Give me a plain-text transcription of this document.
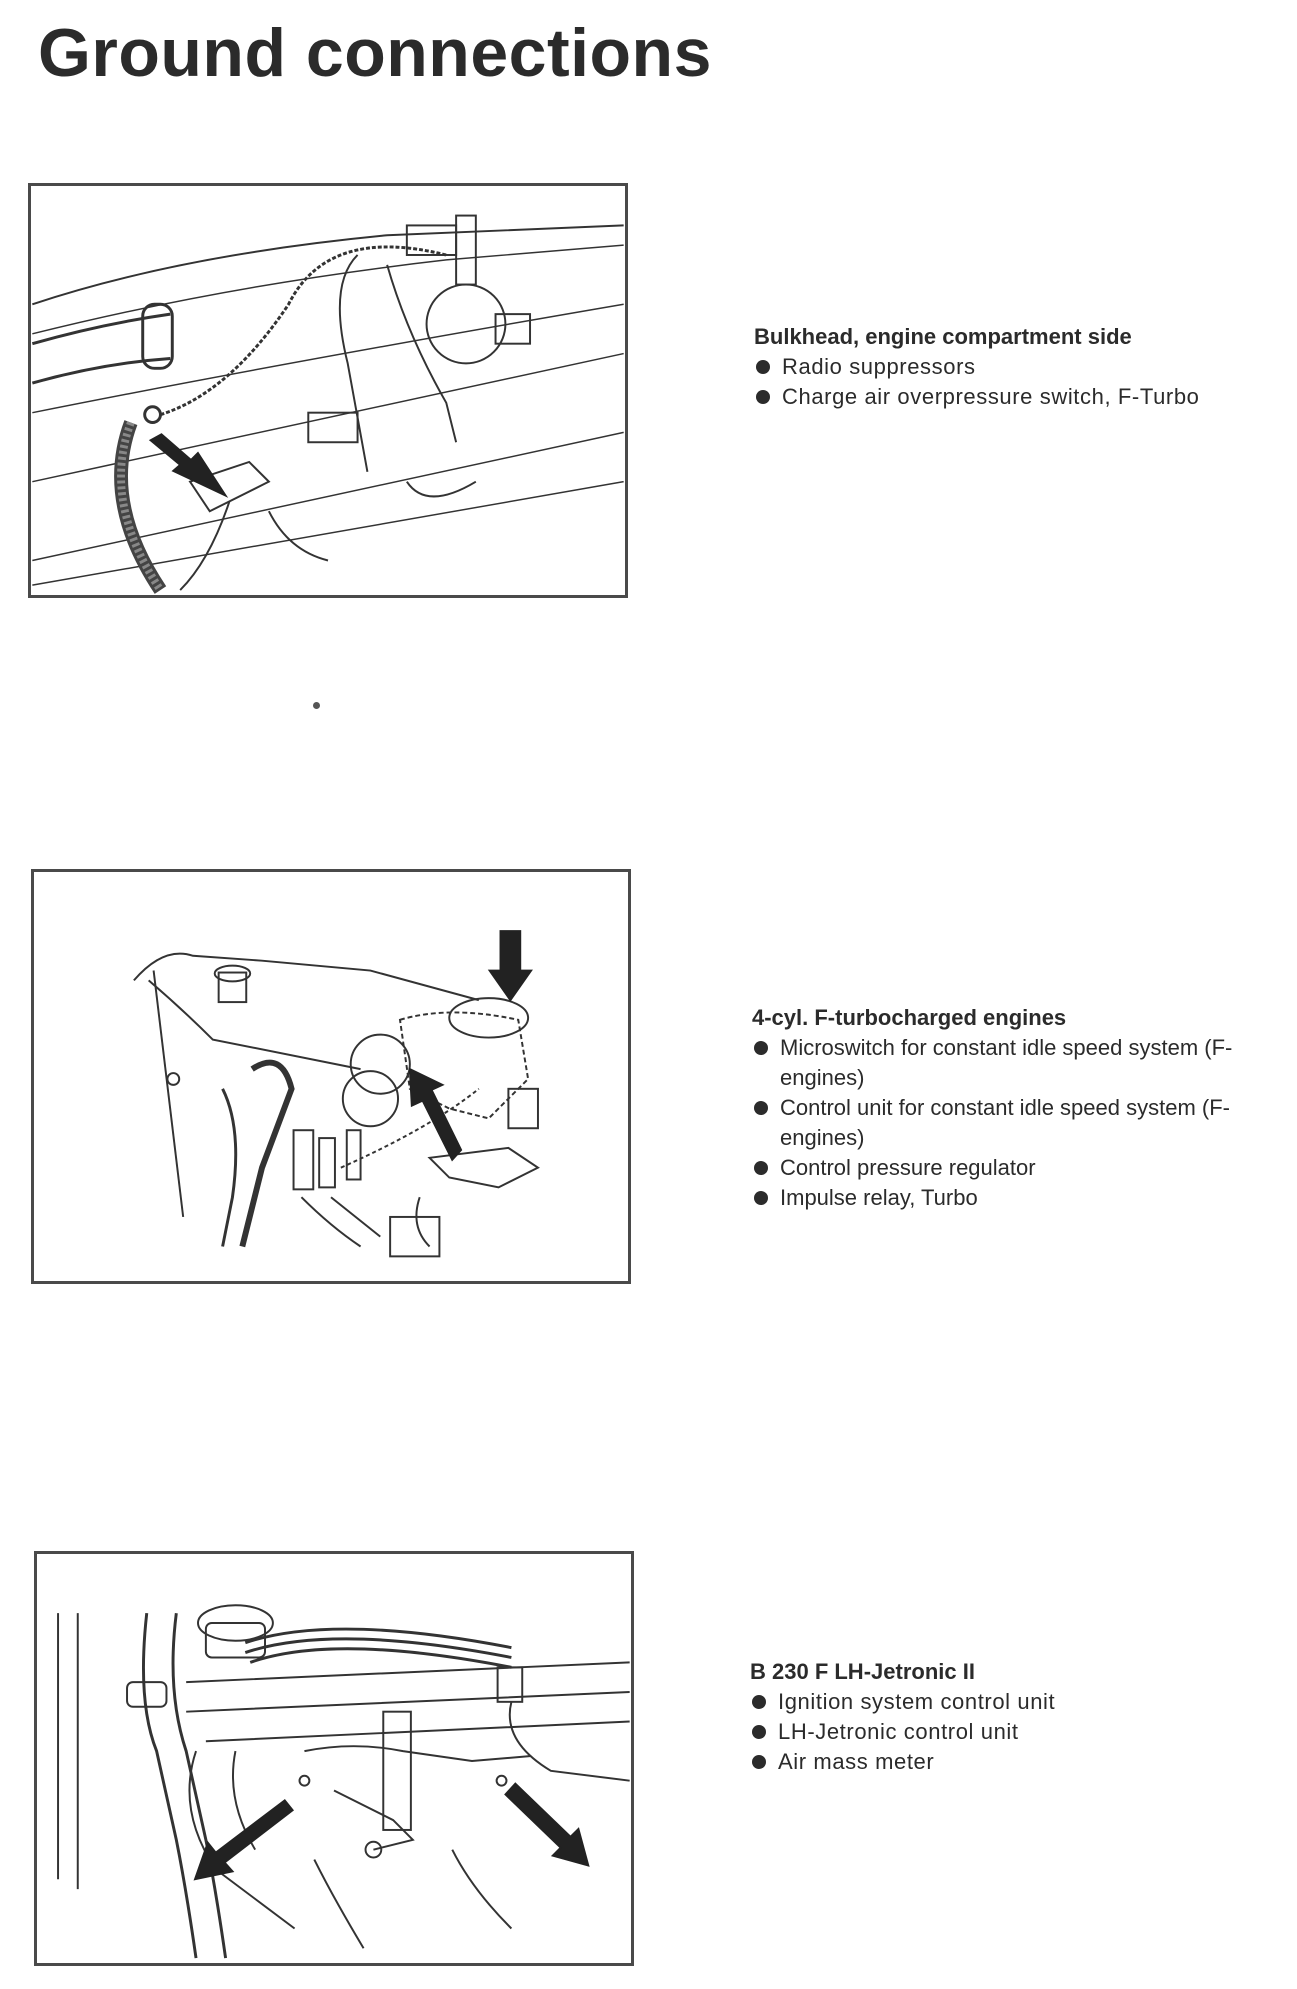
Ground connections
Bulkhead, engine compartment side
Radio suppressors
Charge air overpressure switch, F-Turbo
4-cyl. F-turbocharged engines
Microswitch for constant idle speed system (F-engines)
Control unit for constant idle speed system (F-engines)
Control pressure regulator
Impulse relay, Turbo
B 230 F LH-Jetronic II
Ignition system control unit
LH-Jetronic control unit
Air mass meter
